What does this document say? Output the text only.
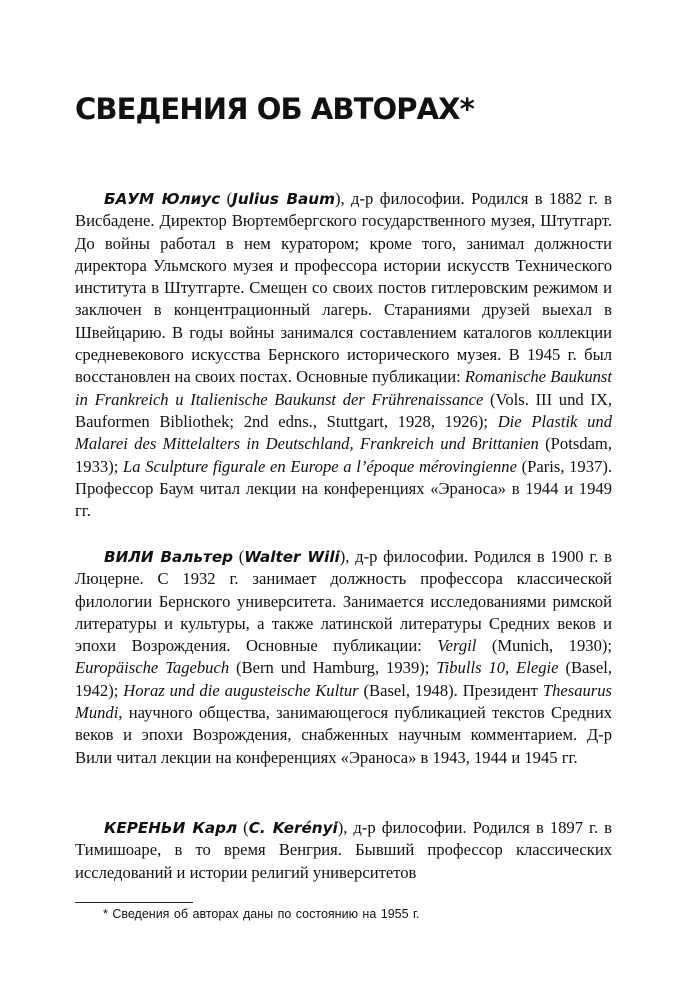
СВЕДЕНИЯ ОБ АВТОРАХ*

БАУМ Юлиус (Julius Baum), д-р философии. Родился в 1882 г. в Висбадене. Директор Вюртембергского государственного музея, Штутгарт. До войны работал в нем куратором; кроме того, занимал должности директора Ульмского музея и профессора истории искусств Технического института в Штутгарте. Смещен со своих постов гитлеровским режимом и заключен в концентрационный лагерь. Стараниями друзей выехал в Швейцарию. В годы войны занимался составлением каталогов коллекции средневекового искусства Бернского исторического музея. В 1945 г. был восстановлен на своих постах. Основные публикации: Romanische Baukunst in Frankreich u Italienische Baukunst der Frührenaissance (Vols. III und IX, Bauformen Bibliothek; 2nd edns., Stuttgart, 1928, 1926); Die Plastik und Malarei des Mittelalters in Deutschland, Frankreich und Brittanien (Potsdam, 1933); La Sculpture figurale en Europe a l’époque mérovingienne (Paris, 1937). Профессор Баум читал лекции на конференциях «Эраноса» в 1944 и 1949 гг.

ВИЛИ Вальтер (Walter Wili), д-р философии. Родился в 1900 г. в Люцерне. С 1932 г. занимает должность профессора классической филологии Бернского университета. Занимается исследованиями римской литературы и культуры, а также латинской литературы Средних веков и эпохи Возрождения. Основные публикации: Vergil (Munich, 1930); Europäische Tagebuch (Bern und Hamburg, 1939); Tibulls 10, Elegie (Basel, 1942); Horaz und die augusteische Kultur (Basel, 1948). Президент Thesaurus Mundi, научного общества, занимающегося публикацией текстов Средних веков и эпохи Возрождения, снабженных научным комментарием. Д-р Вили читал лекции на конференциях «Эраноса» в 1943, 1944 и 1945 гг.

КЕРЕНЬИ Карл (C. Kerényi), д-р философии. Родился в 1897 г. в Тимишоаре, в то время Венгрия. Бывший профессор классических исследований и истории религий университетов

* Сведения об авторах даны по состоянию на 1955 г.
